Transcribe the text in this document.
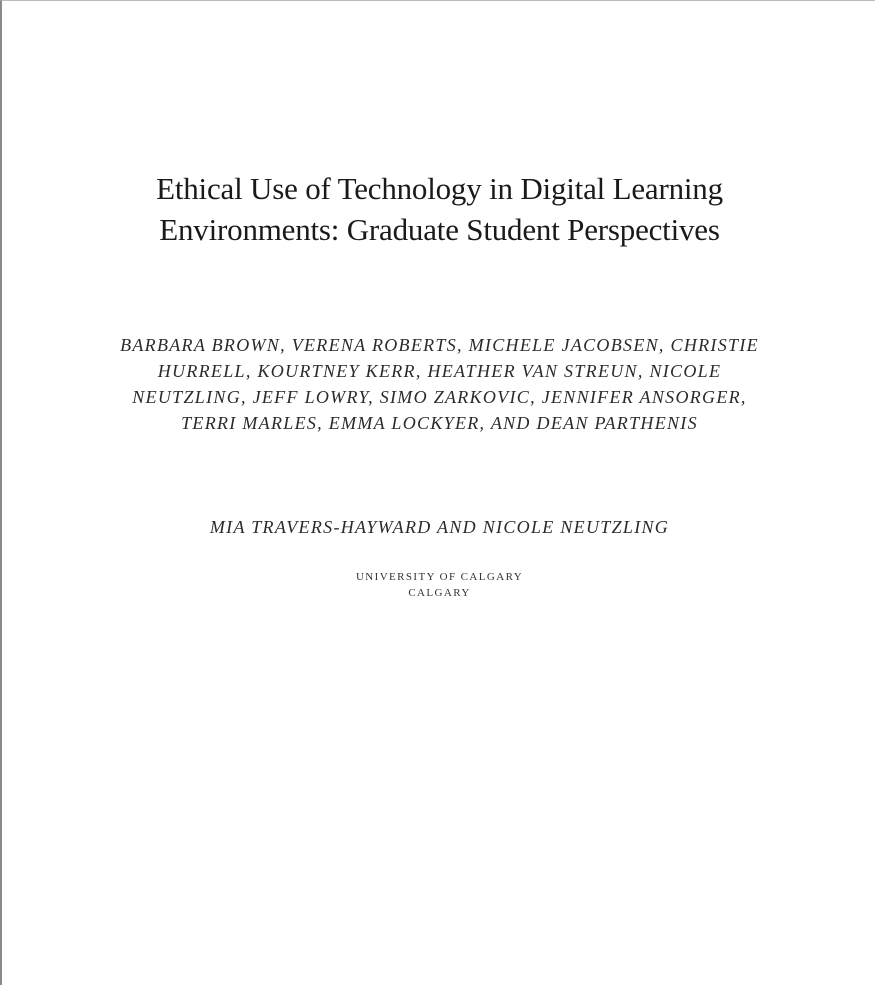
Ethical Use of Technology in Digital Learning
Environments: Graduate Student Perspectives
BARBARA BROWN, VERENA ROBERTS, MICHELE JACOBSEN, CHRISTIE
HURRELL, KOURTNEY KERR, HEATHER VAN STREUN, NICOLE
NEUTZLING, JEFF LOWRY, SIMO ZARKOVIC, JENNIFER ANSORGER,
TERRI MARLES, EMMA LOCKYER, AND DEAN PARTHENIS
MIA TRAVERS-HAYWARD AND NICOLE NEUTZLING
UNIVERSITY OF CALGARY
CALGARY
